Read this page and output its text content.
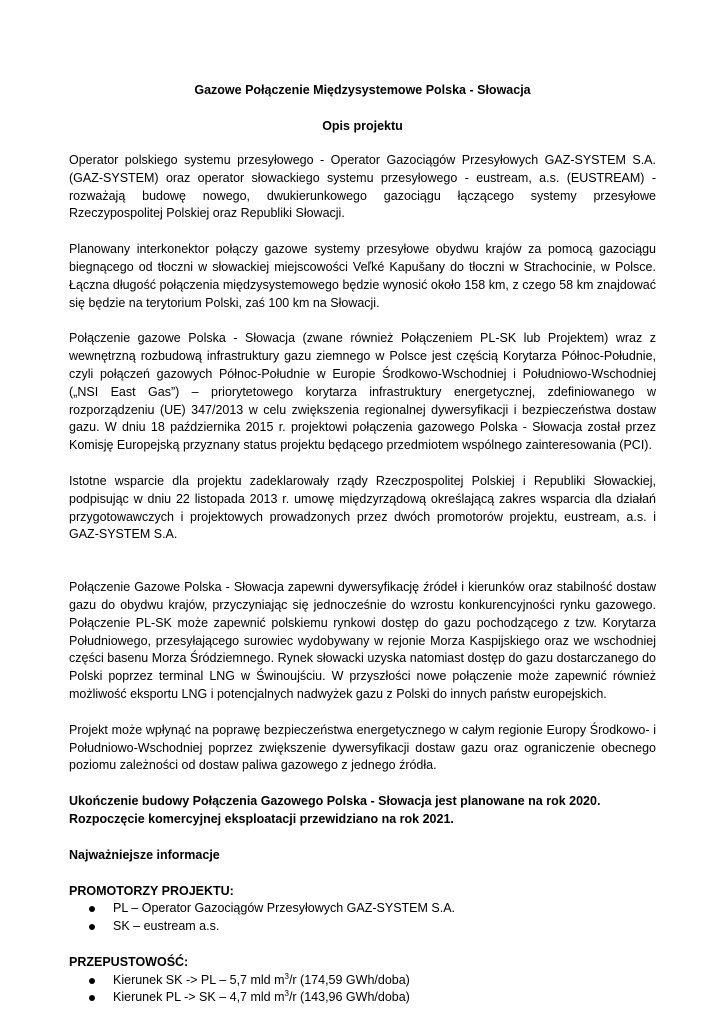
Gazowe Połączenie Międzysystemowe Polska - Słowacja

Opis projektu

Operator polskiego systemu przesyłowego - Operator Gazociągów Przesyłowych GAZ-SYSTEM S.A. (GAZ-SYSTEM) oraz operator słowackiego systemu przesyłowego - eustream, a.s. (EUSTREAM) - rozważają budowę nowego, dwukierunkowego gazociągu łączącego systemy przesyłowe Rzeczypospolitej Polskiej oraz Republiki Słowacji.

Planowany interkonektor połączy gazowe systemy przesyłowe obydwu krajów za pomocą gazociągu biegnącego od tłoczni w słowackiej miejscowości Veľké Kapušany do tłoczni w Strachocinie, w Polsce. Łączna długość połączenia międzysystemowego będzie wynosić około 158 km, z czego 58 km znajdować się będzie na terytorium Polski, zaś 100 km na Słowacji.

Połączenie gazowe Polska - Słowacja (zwane również Połączeniem PL-SK lub Projektem) wraz z wewnętrzną rozbudową infrastruktury gazu ziemnego w Polsce jest częścią Korytarza Północ-Południe, czyli połączeń gazowych Północ-Południe w Europie Środkowo-Wschodniej i Południowo-Wschodniej („NSI East Gas”) – priorytetowego korytarza infrastruktury energetycznej, zdefiniowanego w rozporządzeniu (UE) 347/2013 w celu zwiększenia regionalnej dywersyfikacji i bezpieczeństwa dostaw gazu. W dniu 18 października 2015 r. projektowi połączenia gazowego Polska - Słowacja został przez Komisję Europejską przyznany status projektu będącego przedmiotem wspólnego zainteresowania (PCI).

Istotne wsparcie dla projektu zadeklarowały rządy Rzeczpospolitej Polskiej i Republiki Słowackiej, podpisując w dniu 22 listopada 2013 r. umowę międzyrządową określającą zakres wsparcia dla działań przygotowawczych i projektowych prowadzonych przez dwóch promotorów projektu, eustream, a.s. i GAZ-SYSTEM S.A.

Połączenie Gazowe Polska - Słowacja zapewni dywersyfikację źródeł i kierunków oraz stabilność dostaw gazu do obydwu krajów, przyczyniając się jednocześnie do wzrostu konkurencyjności rynku gazowego. Połączenie PL-SK może zapewnić polskiemu rynkowi dostęp do gazu pochodzącego z tzw. Korytarza Południowego, przesyłającego surowiec wydobywany w rejonie Morza Kaspijskiego oraz we wschodniej części basenu Morza Śródziemnego. Rynek słowacki uzyska natomiast dostęp do gazu dostarczanego do Polski poprzez terminal LNG w Świnoujściu. W przyszłości nowe połączenie może zapewnić również możliwość eksportu LNG i potencjalnych nadwyżek gazu z Polski do innych państw europejskich.

Projekt może wpłynąć na poprawę bezpieczeństwa energetycznego w całym regionie Europy Środkowo- i Południowo-Wschodniej poprzez zwiększenie dywersyfikacji dostaw gazu oraz ograniczenie obecnego poziomu zależności od dostaw paliwa gazowego z jednego źródła.

Ukończenie budowy Połączenia Gazowego Polska - Słowacja jest planowane na rok 2020.

Rozpoczęcie komercyjnej eksploatacji przewidziano na rok 2021.

Najważniejsze informacje

PROMOTORZY PROJEKTU:

PL – Operator Gazociągów Przesyłowych GAZ-SYSTEM S.A.
SK – eustream a.s.

PRZEPUSTOWOŚĆ:

Kierunek SK -> PL – 5,7 mld $m^3/r$ (174,59 GWh/doba)
Kierunek PL -> SK – 4,7 mld $m^3/r$ (143,96 GWh/doba)
